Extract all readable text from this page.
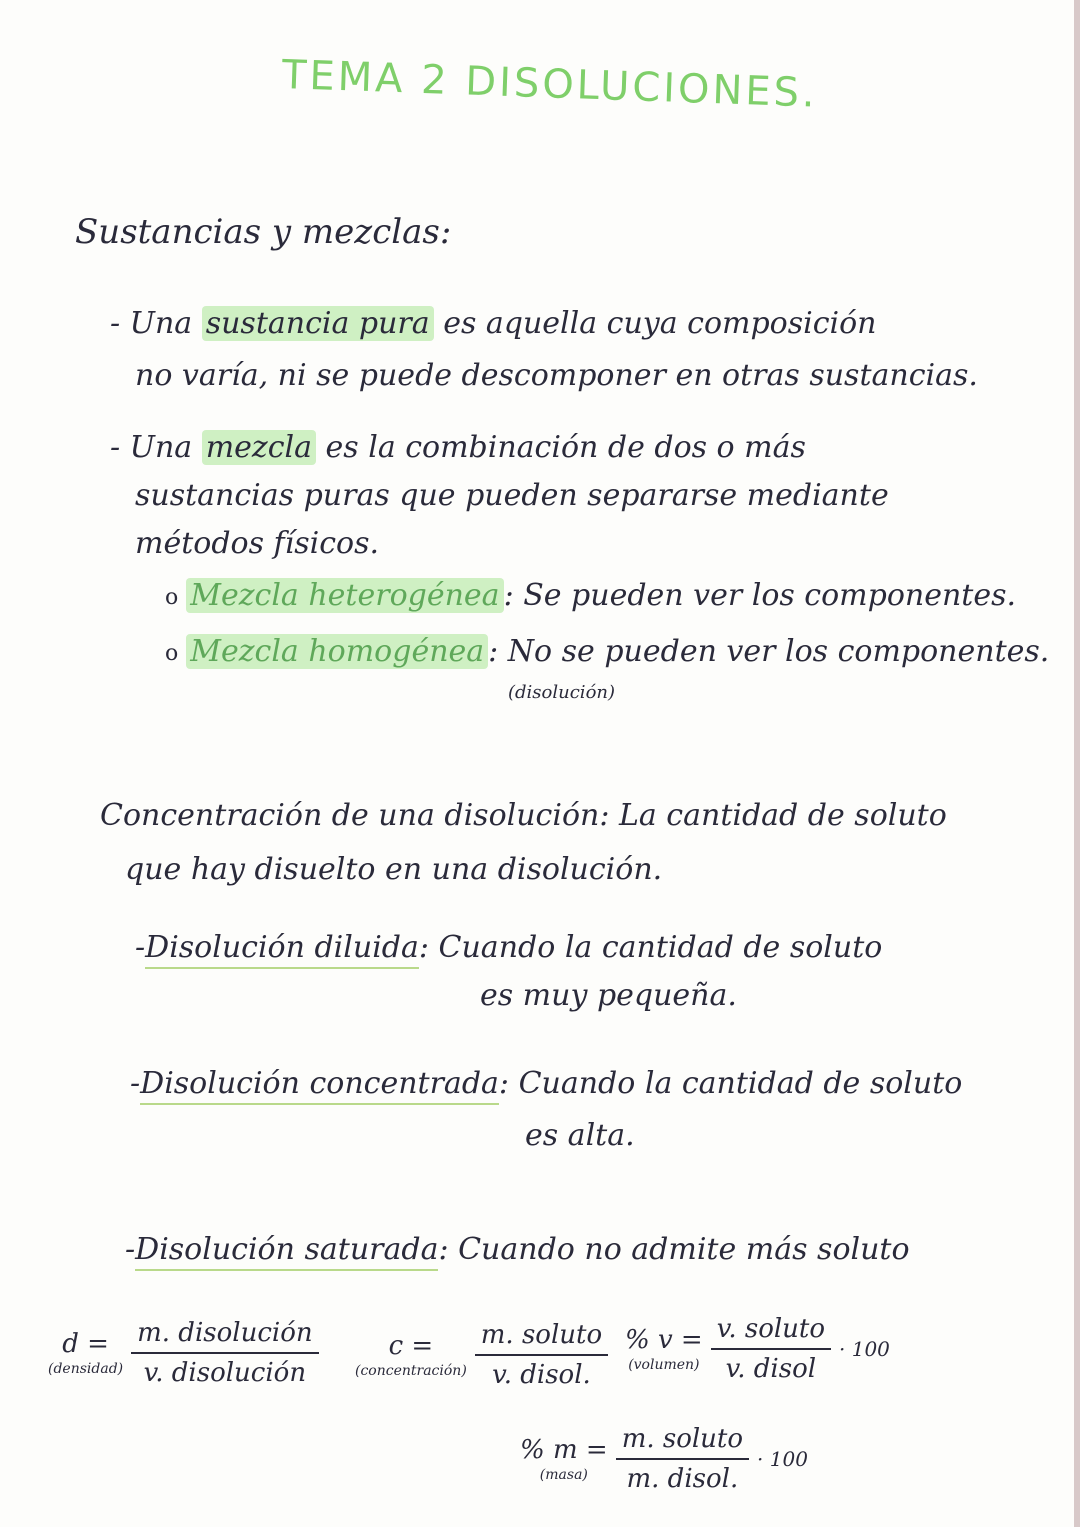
TEMA 2 DISOLUCIONES.
Sustancias y mezclas:
- Una sustancia pura es aquella cuya composición
no varía, ni se puede descomponer en otras sustancias.
- Una mezcla es la combinación de dos o más
sustancias puras que pueden separarse mediante
métodos físicos.
o Mezcla heterogénea : Se pueden ver los componentes.
o Mezcla homogénea : No se pueden ver los componentes.
(disolución)
Concentración de una disolución: La cantidad de soluto
que hay disuelto en una disolución.
-Disolución diluida: Cuando la cantidad de soluto
es muy pequeña.
-Disolución concentrada: Cuando la cantidad de soluto
es alta.
-Disolución saturada: Cuando no admite más soluto
d =
(densidad) $\frac{\text{m. disolución}}{\text{v. disolución}}$	c =
(concentración) $\frac{\text{m. soluto}}{\text{v. disol.}}$ % v =
(volumen) $\frac{\text{v. soluto}}{\text{v. disol}} \cdot 100$
% m =
(masa) $\frac{\text{m. soluto}}{\text{m. disol.}} \cdot 100$
